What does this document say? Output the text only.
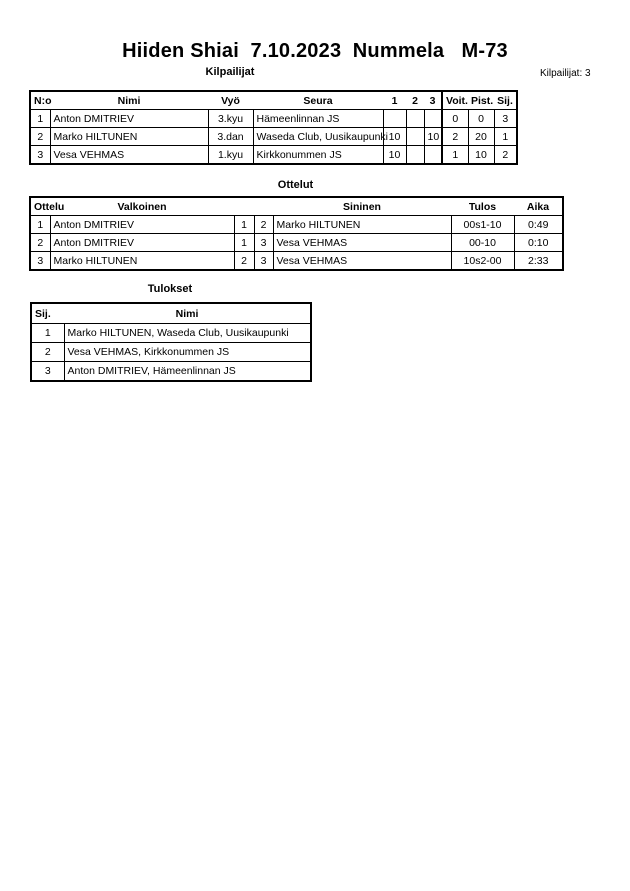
Hiiden Shiai  7.10.2023  Nummela   M-73
Kilpailijat	Kilpailijat: 3
N:o	Nimi	Vyö	Seura	1	2	3	Voit.	Pist.	Sij.
1	Anton DMITRIEV	3.kyu	Hämeenlinnan JS				0	0	3
2	Marko HILTUNEN	3.dan	Waseda Club, Uusikaupunki	10		10	2	20	1
3	Vesa VEHMAS	1.kyu	Kirkkonummen JS	10			1	10	2
Ottelut
Ottelu	Valkoinen			Sininen	Tulos	Aika
1	Anton DMITRIEV	1	2	Marko HILTUNEN	00s1-10	0:49
2	Anton DMITRIEV	1	3	Vesa VEHMAS	00-10	0:10
3	Marko HILTUNEN	2	3	Vesa VEHMAS	10s2-00	2:33
Tulokset
Sij.	Nimi
1	Marko HILTUNEN, Waseda Club, Uusikaupunki
2	Vesa VEHMAS, Kirkkonummen JS
3	Anton DMITRIEV, Hämeenlinnan JS
